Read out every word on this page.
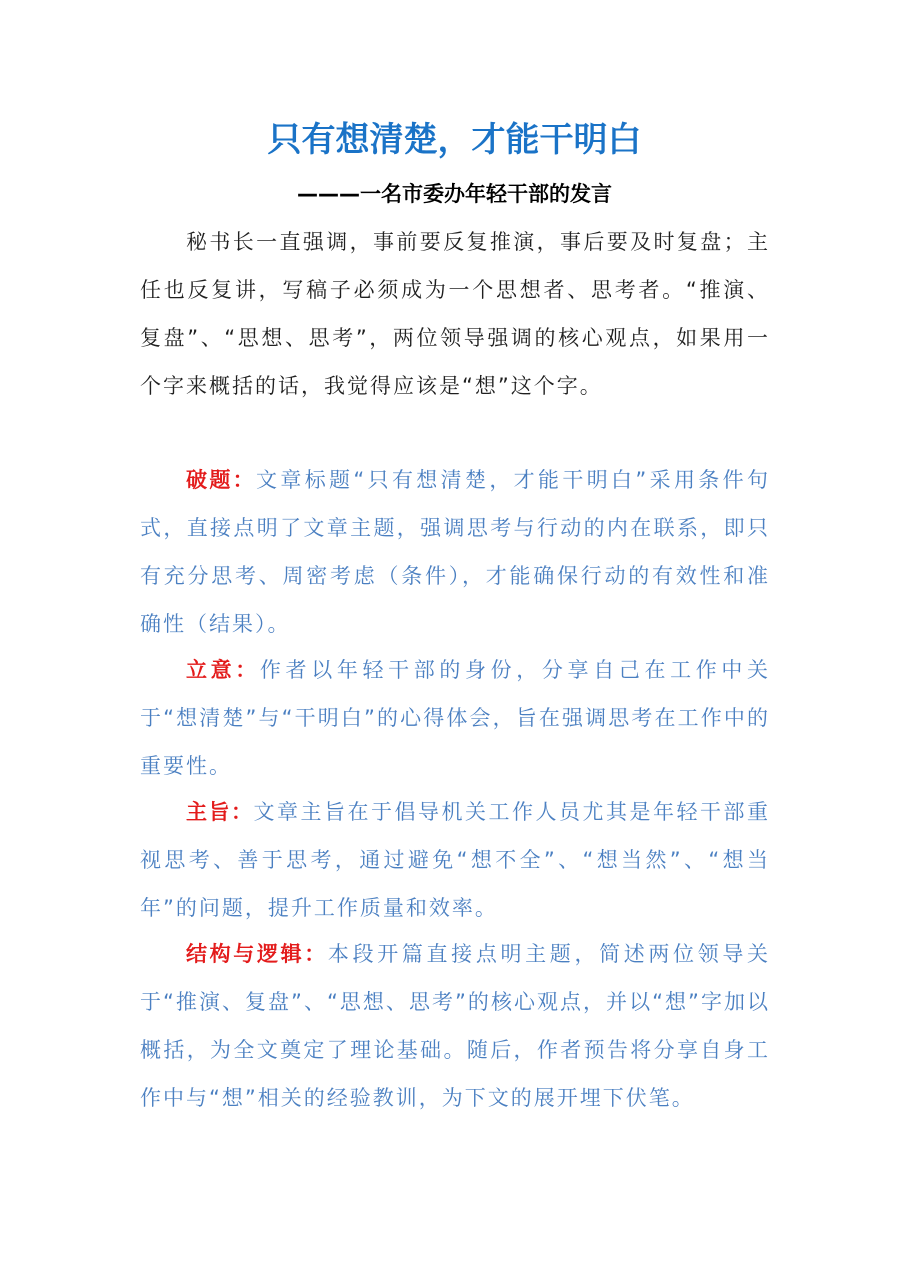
只有想清楚，才能干明白
———一名市委办年轻干部的发言

秘书长一直强调，事前要反复推演，事后要及时复盘；主任也反复讲，写稿子必须成为一个思想者、思考者。“推演、复盘”、“思想、思考”，两位领导强调的核心观点，如果用一个字来概括的话，我觉得应该是“想”这个字。

破题：文章标题“只有想清楚，才能干明白”采用条件句式，直接点明了文章主题，强调思考与行动的内在联系，即只有充分思考、周密考虑（条件），才能确保行动的有效性和准确性（结果）。

立意：作者以年轻干部的身份，分享自己在工作中关于“想清楚”与“干明白”的心得体会，旨在强调思考在工作中的重要性。

主旨：文章主旨在于倡导机关工作人员尤其是年轻干部重视思考、善于思考，通过避免“想不全”、“想当然”、“想当年”的问题，提升工作质量和效率。

结构与逻辑：本段开篇直接点明主题，简述两位领导关于“推演、复盘”、“思想、思考”的核心观点，并以“想”字加以概括，为全文奠定了理论基础。随后，作者预告将分享自身工作中与“想”相关的经验教训，为下文的展开埋下伏笔。
